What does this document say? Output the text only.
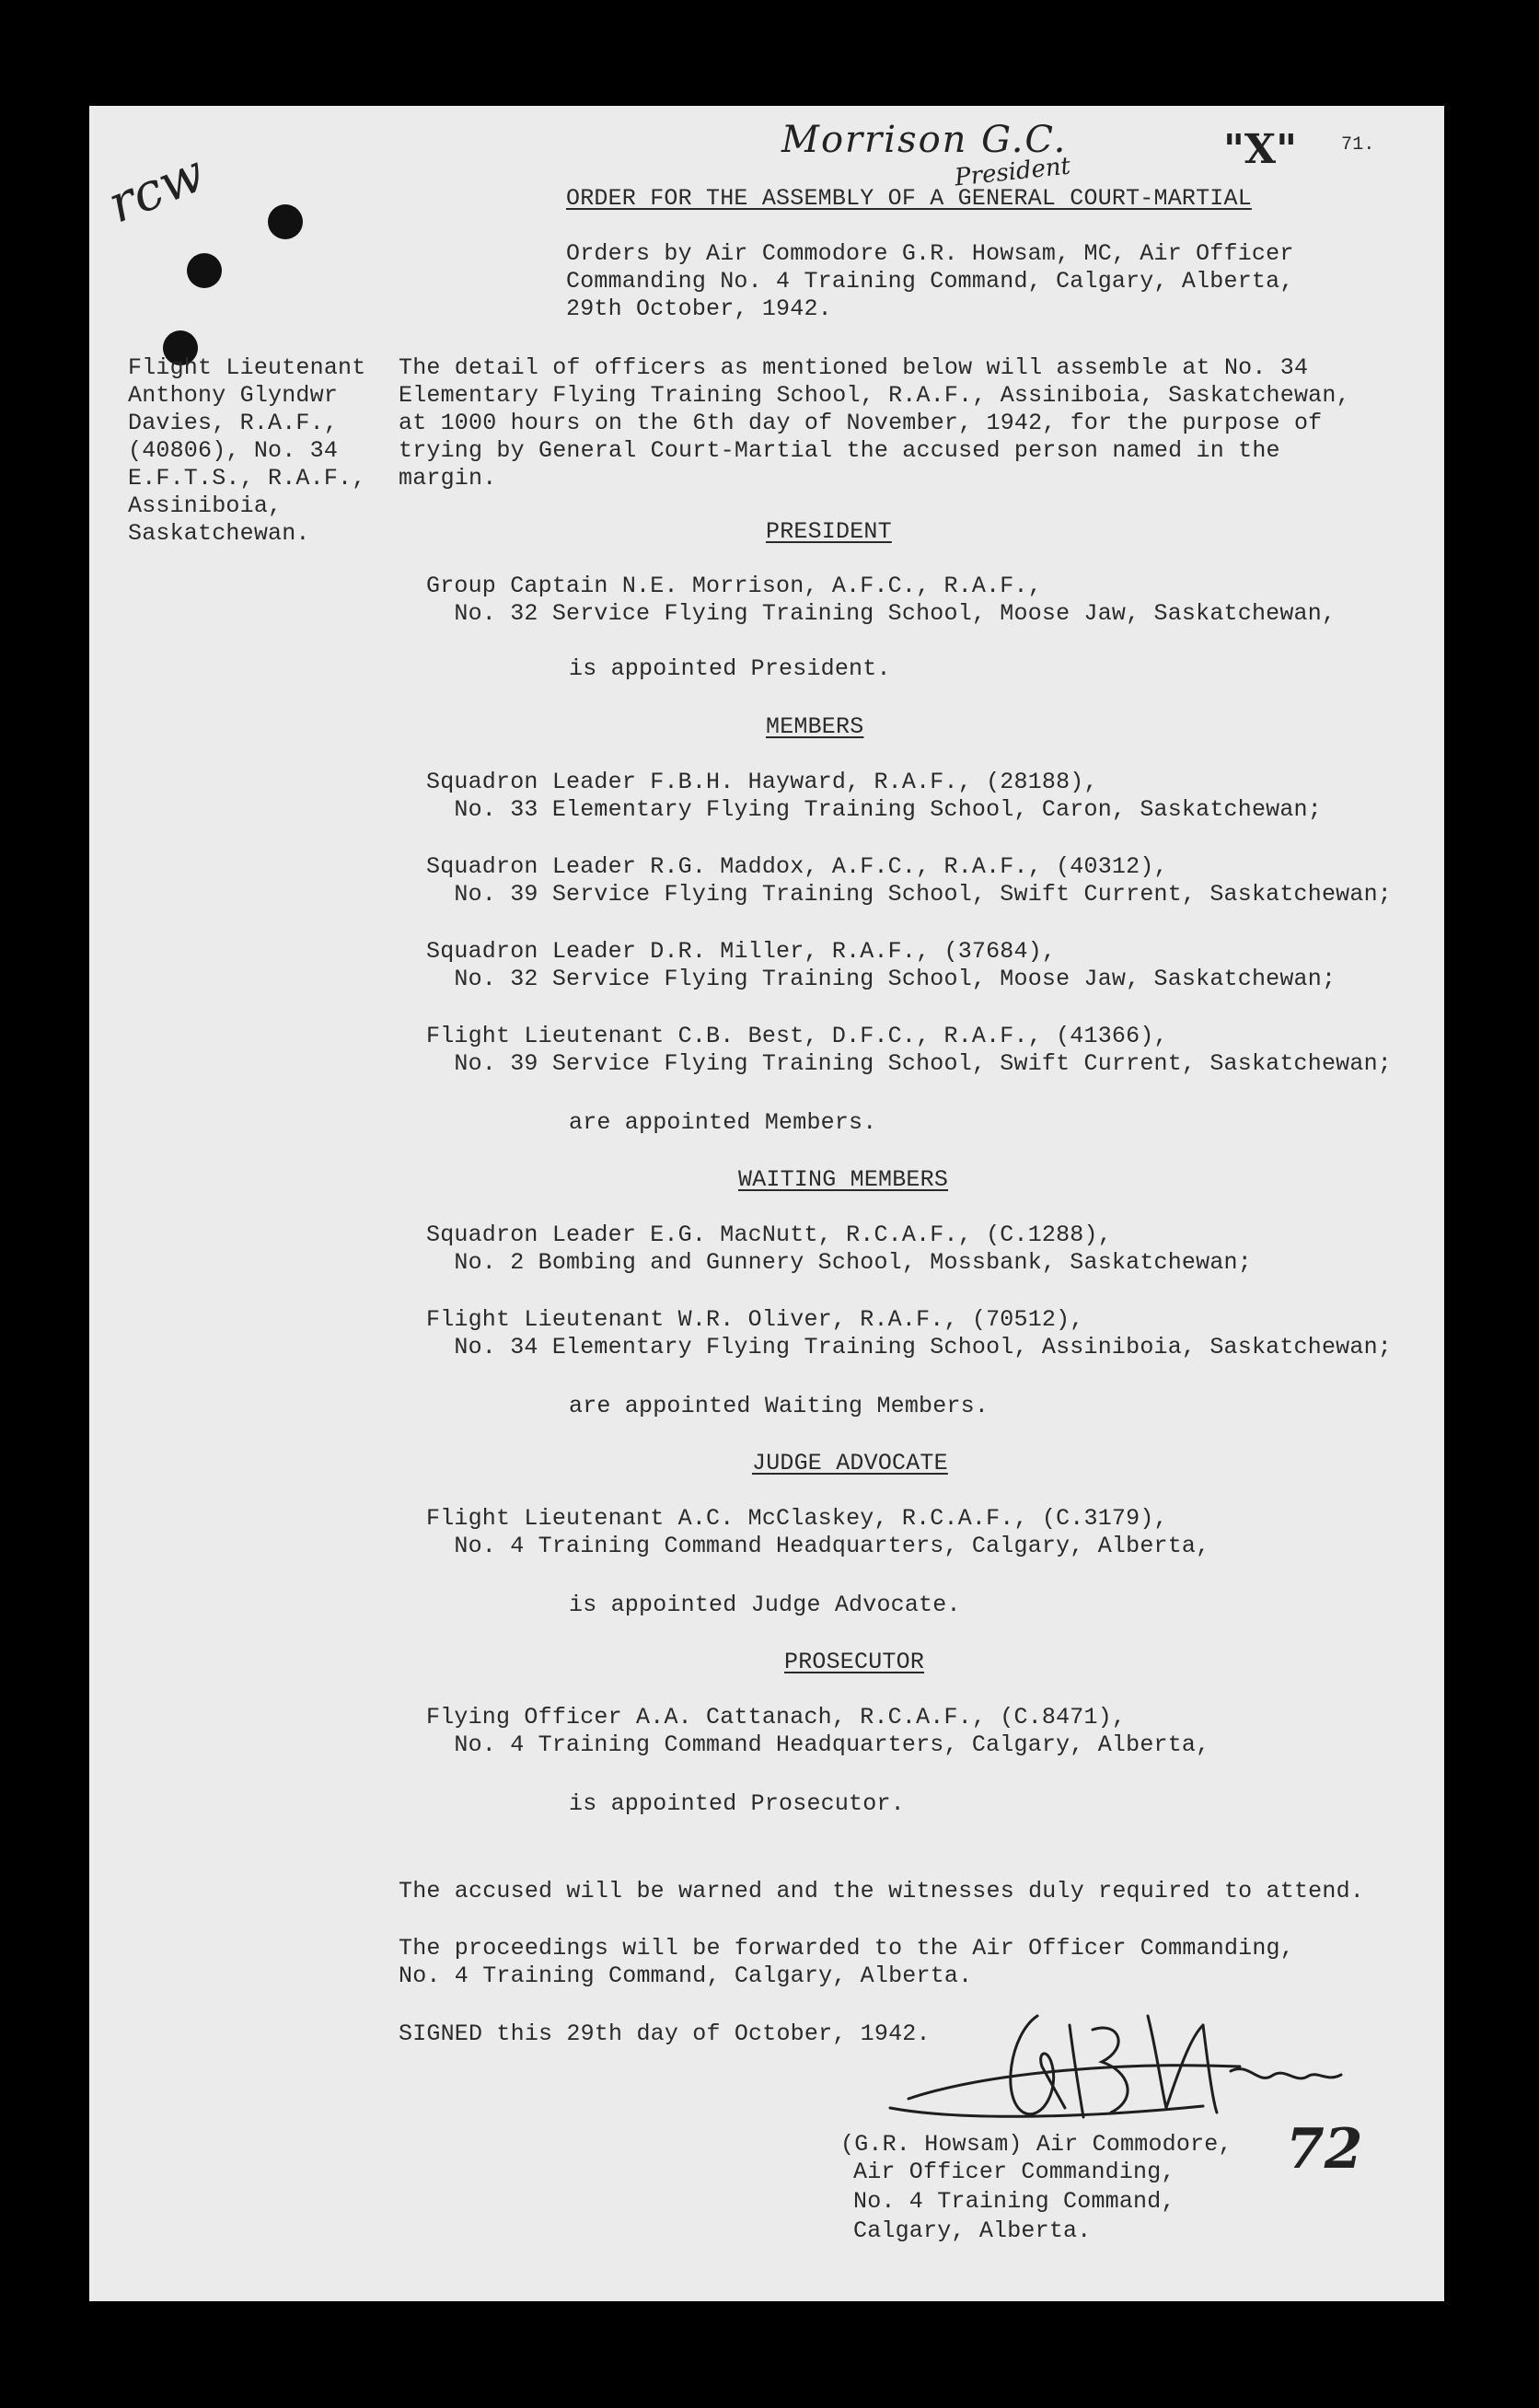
rcw
Morrison G.C.
President	"X" 71.
ORDER FOR THE ASSEMBLY OF A GENERAL COURT-MARTIAL
Orders by Air Commodore G.R. Howsam, MC, Air Officer
Commanding No. 4 Training Command, Calgary, Alberta,
29th October, 1942.
Flight Lieutenant
Anthony Glyndwr
Davies, R.A.F.,
(40806), No. 34
E.F.T.S., R.A.F.,
Assiniboia,
Saskatchewan.
The detail of officers as mentioned below will assemble at No. 34
Elementary Flying Training School, R.A.F., Assiniboia, Saskatchewan,
at 1000 hours on the 6th day of November, 1942, for the purpose of
trying by General Court-Martial the accused person named in the
margin.
PRESIDENT
Group Captain N.E. Morrison, A.F.C., R.A.F.,
No. 32 Service Flying Training School, Moose Jaw, Saskatchewan,
is appointed President.
MEMBERS
Squadron Leader F.B.H. Hayward, R.A.F., (28188),
No. 33 Elementary Flying Training School, Caron, Saskatchewan;
Squadron Leader R.G. Maddox, A.F.C., R.A.F., (40312),
No. 39 Service Flying Training School, Swift Current, Saskatchewan;
Squadron Leader D.R. Miller, R.A.F., (37684),
No. 32 Service Flying Training School, Moose Jaw, Saskatchewan;
Flight Lieutenant C.B. Best, D.F.C., R.A.F., (41366),
No. 39 Service Flying Training School, Swift Current, Saskatchewan;
are appointed Members.
WAITING MEMBERS
Squadron Leader E.G. MacNutt, R.C.A.F., (C.1288),
No. 2 Bombing and Gunnery School, Mossbank, Saskatchewan;
Flight Lieutenant W.R. Oliver, R.A.F., (70512),
No. 34 Elementary Flying Training School, Assiniboia, Saskatchewan;
are appointed Waiting Members.
JUDGE ADVOCATE
Flight Lieutenant A.C. McClaskey, R.C.A.F., (C.3179),
No. 4 Training Command Headquarters, Calgary, Alberta,
is appointed Judge Advocate.
PROSECUTOR
Flying Officer A.A. Cattanach, R.C.A.F., (C.8471),
No. 4 Training Command Headquarters, Calgary, Alberta,
is appointed Prosecutor.
The accused will be warned and the witnesses duly required to attend.
The proceedings will be forwarded to the Air Officer Commanding,
No. 4 Training Command, Calgary, Alberta.
SIGNED this 29th day of October, 1942.
(G.R. Howsam) Air Commodore,
Air Officer Commanding,
No. 4 Training Command,
Calgary, Alberta.
72
